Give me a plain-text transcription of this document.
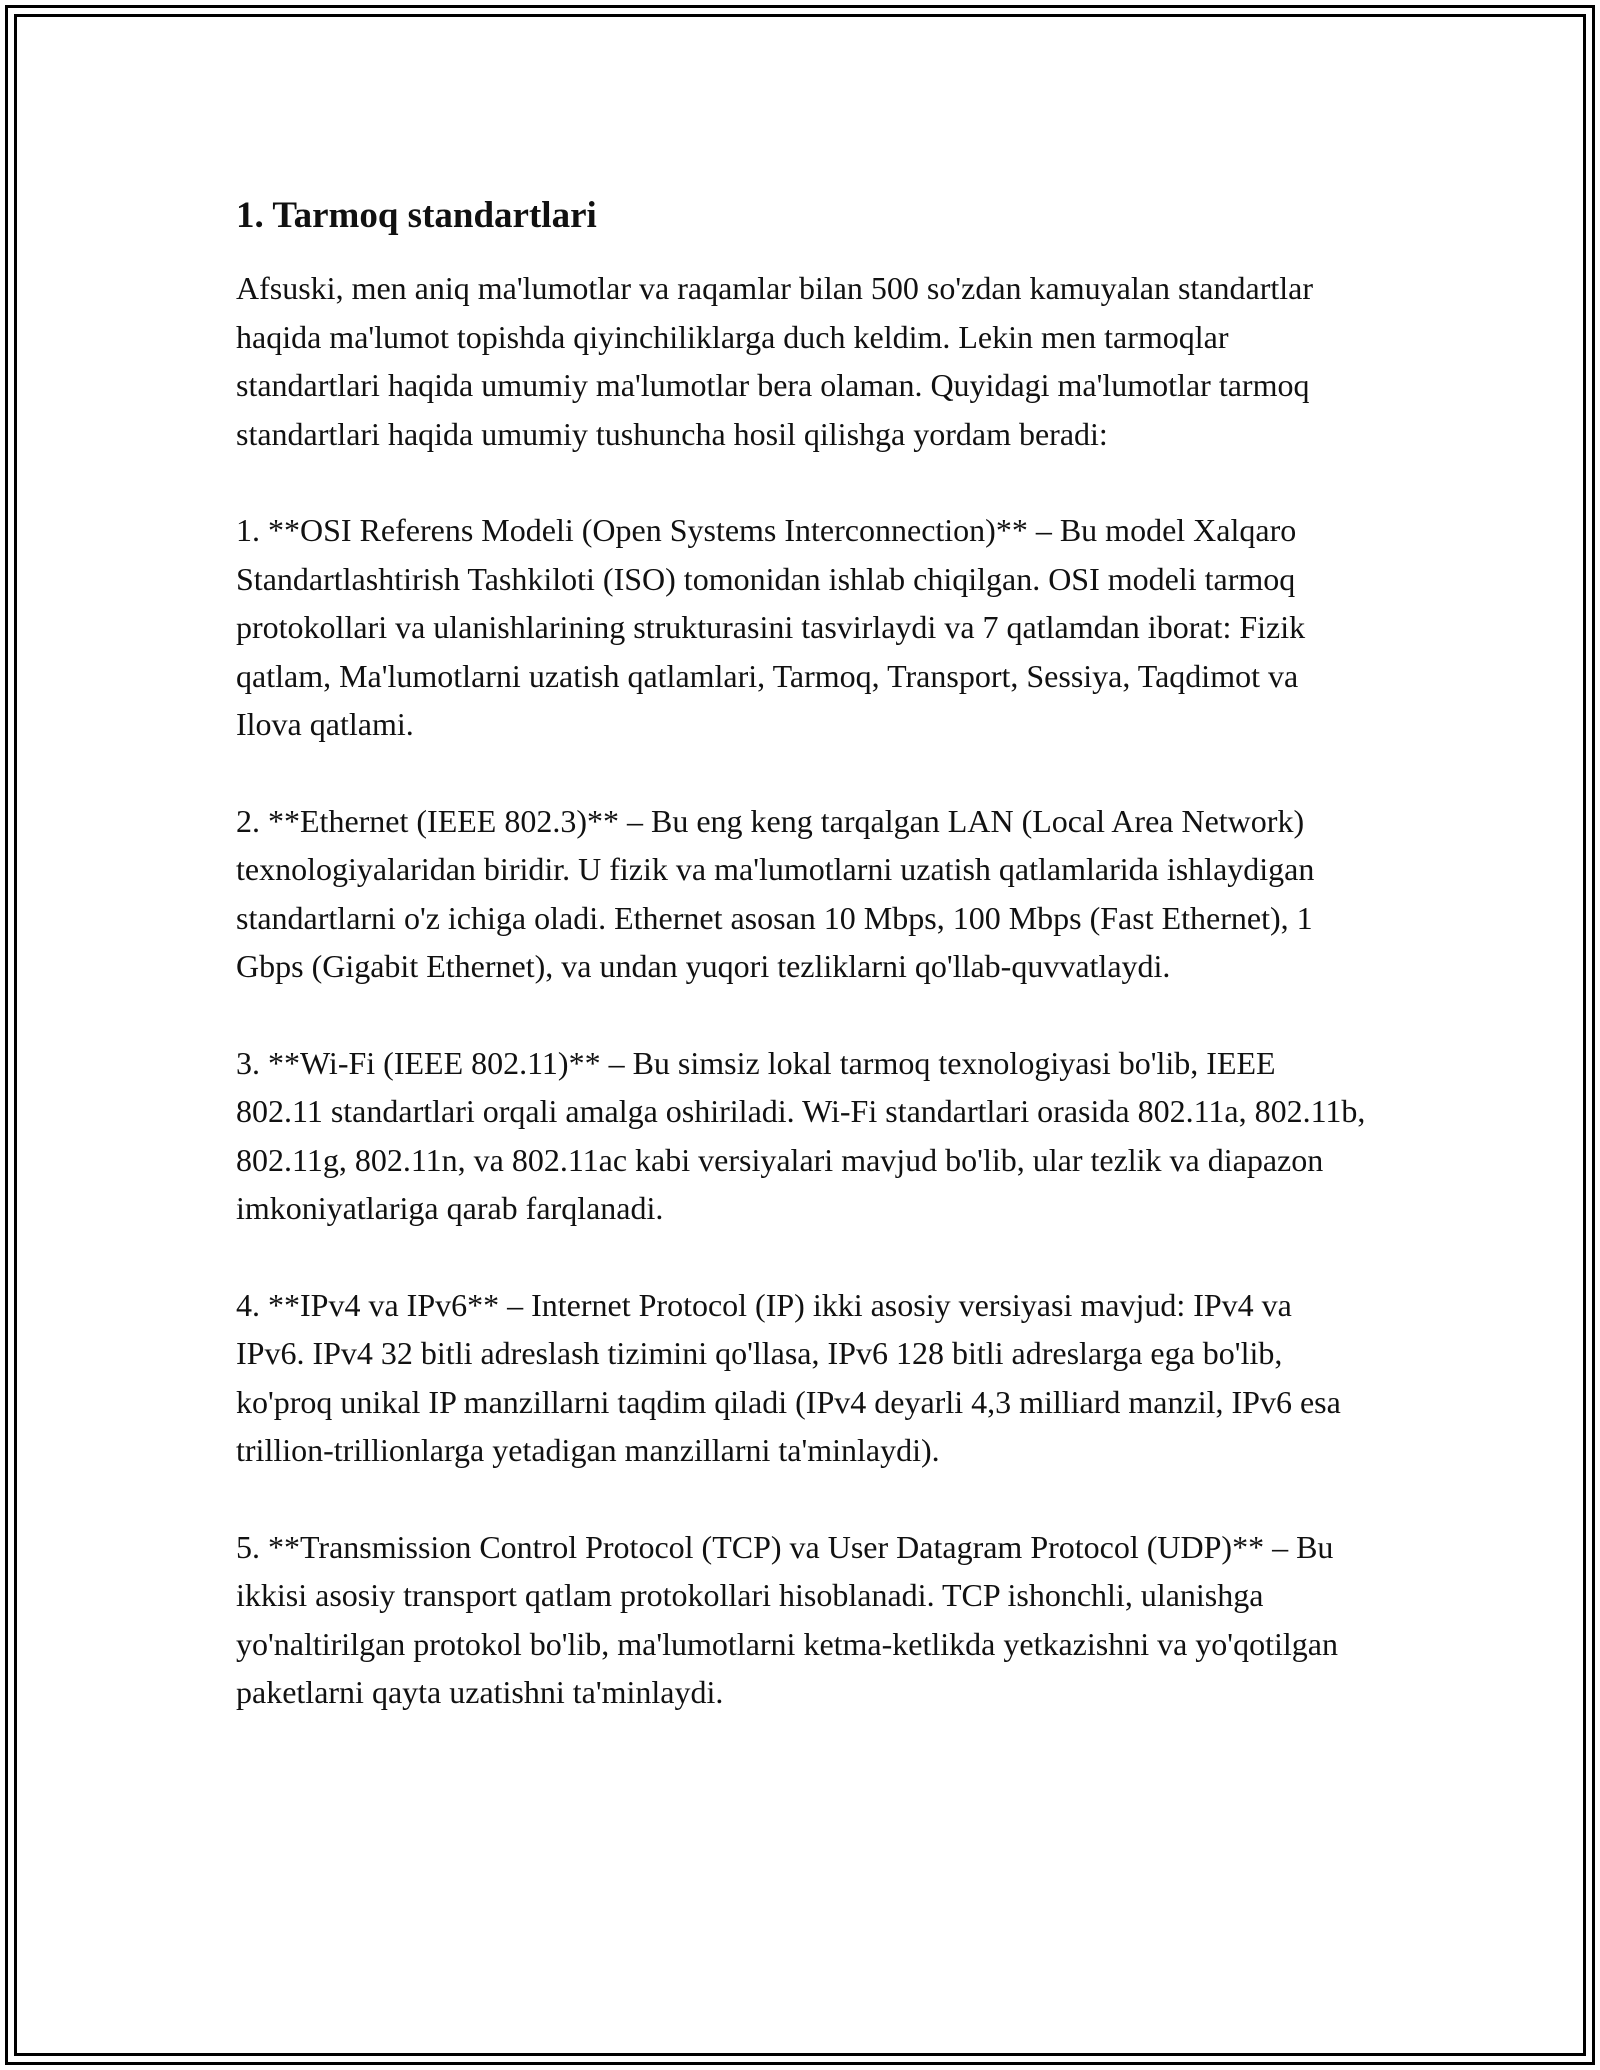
1. Tarmoq standartlari

Afsuski, men aniq ma'lumotlar va raqamlar bilan 500 so'zdan kamuyalan standartlar haqida ma'lumot topishda qiyinchiliklarga duch keldim. Lekin men tarmoqlar standartlari haqida umumiy ma'lumotlar bera olaman. Quyidagi ma'lumotlar tarmoq standartlari haqida umumiy tushuncha hosil qilishga yordam beradi:

1. **OSI Referens Modeli (Open Systems Interconnection)** – Bu model Xalqaro Standartlashtirish Tashkiloti (ISO) tomonidan ishlab chiqilgan. OSI modeli tarmoq protokollari va ulanishlarining strukturasini tasvirlaydi va 7 qatlamdan iborat: Fizik qatlam, Ma'lumotlarni uzatish qatlamlari, Tarmoq, Transport, Sessiya, Taqdimot va Ilova qatlami.

2. **Ethernet (IEEE 802.3)** – Bu eng keng tarqalgan LAN (Local Area Network) texnologiyalaridan biridir. U fizik va ma'lumotlarni uzatish qatlamlarida ishlaydigan standartlarni o'z ichiga oladi. Ethernet asosan 10 Mbps, 100 Mbps (Fast Ethernet), 1 Gbps (Gigabit Ethernet), va undan yuqori tezliklarni qo'llab-quvvatlaydi.

3. **Wi-Fi (IEEE 802.11)** – Bu simsiz lokal tarmoq texnologiyasi bo'lib, IEEE 802.11 standartlari orqali amalga oshiriladi. Wi-Fi standartlari orasida 802.11a, 802.11b, 802.11g, 802.11n, va 802.11ac kabi versiyalari mavjud bo'lib, ular tezlik va diapazon imkoniyatlariga qarab farqlanadi.

4. **IPv4 va IPv6** – Internet Protocol (IP) ikki asosiy versiyasi mavjud: IPv4 va IPv6. IPv4 32 bitli adreslash tizimini qo'llasa, IPv6 128 bitli adreslarga ega bo'lib, ko'proq unikal IP manzillarni taqdim qiladi (IPv4 deyarli 4,3 milliard manzil, IPv6 esa trillion-trillionlarga yetadigan manzillarni ta'minlaydi).

5. **Transmission Control Protocol (TCP) va User Datagram Protocol (UDP)** – Bu ikkisi asosiy transport qatlam protokollari hisoblanadi. TCP ishonchli, ulanishga yo'naltirilgan protokol bo'lib, ma'lumotlarni ketma-ketlikda yetkazishni va yo'qotilgan paketlarni qayta uzatishni ta'minlaydi.
